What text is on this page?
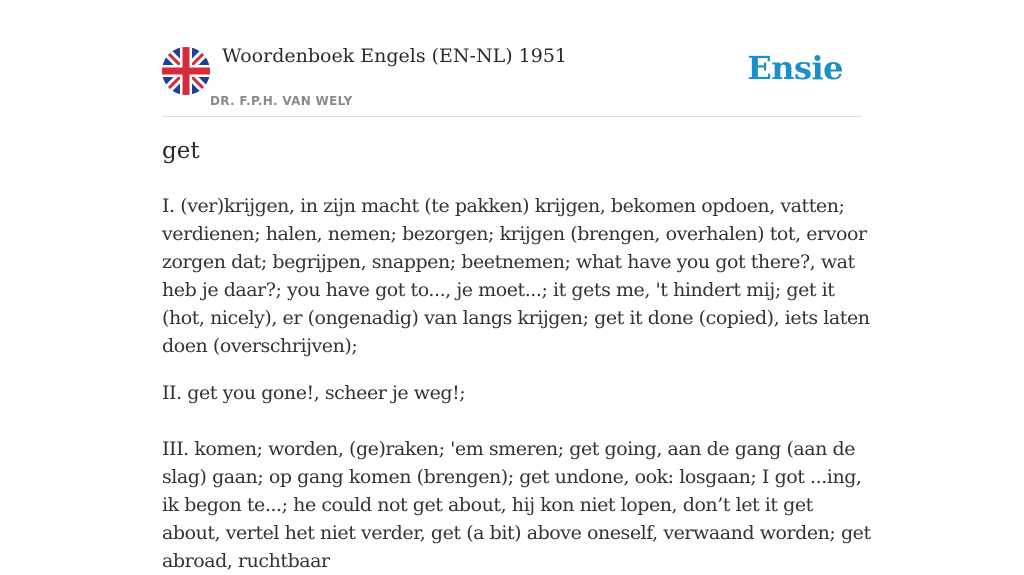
Woordenboek Engels (EN-NL) 1951
DR. F.P.H. VAN WELY
Ensie
get

I. (ver)krijgen, in zijn macht (te pakken) krijgen, bekomen opdoen, vatten; verdienen; halen, nemen; bezorgen; krijgen (brengen, overhalen) tot, ervoor zorgen dat; begrijpen, snappen; beetnemen; what have you got there?, wat heb je daar?; you have got to..., je moet...; it gets me, 't hindert mij; get it (hot, nicely), er (ongenadig) van langs krijgen; get it done (copied), iets laten doen (overschrijven);

II. get you gone!, scheer je weg!;

III. komen; worden, (ge)raken; 'em smeren; get going, aan de gang (aan de slag) gaan; op gang komen (brengen); get undone, ook: losgaan; I got ...ing, ik begon te...; he could not get about, hij kon niet lopen, don’t let it get about, vertel het niet verder, get (a bit) above oneself, verwaand worden; get abroad, ruchtbaar
